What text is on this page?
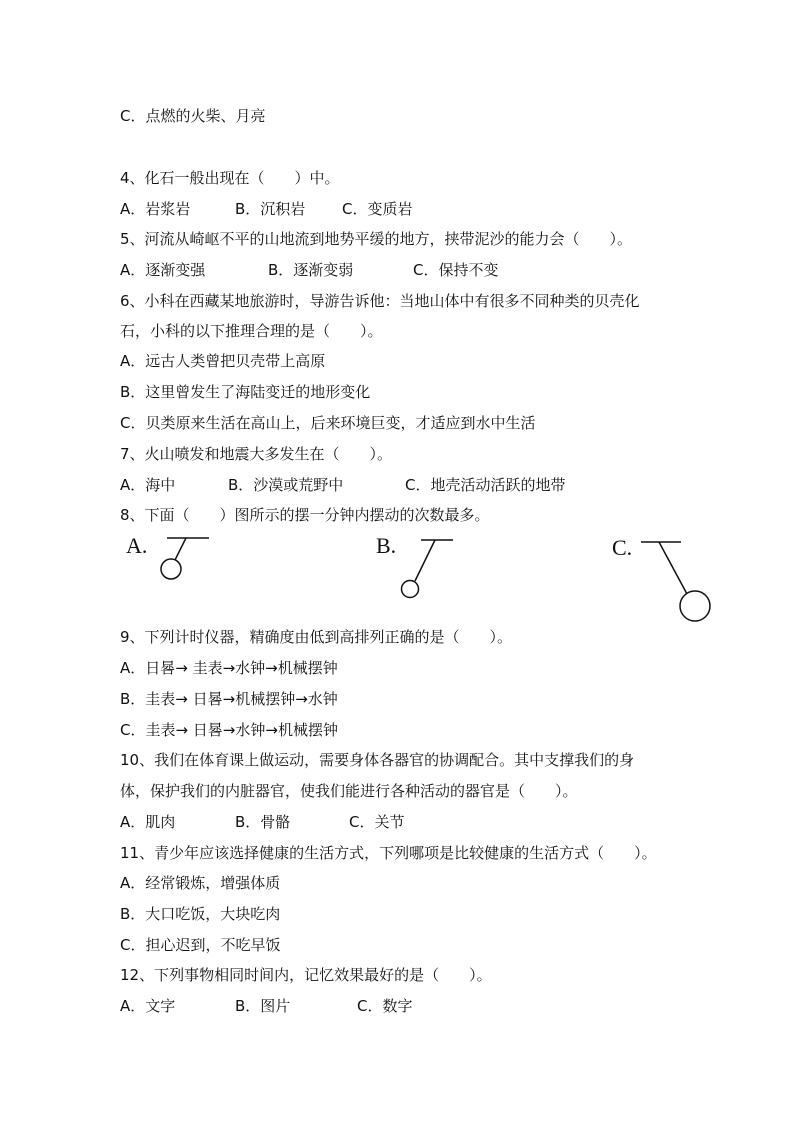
C．点燃的火柴、月亮
4、化石一般出现在（　　）中。
A．岩浆岩	B．沉积岩 C．变质岩
5、河流从崎岖不平的山地流到地势平缓的地方，挟带泥沙的能力会（　　）。
A．逐渐变强	B．逐渐变弱	C．保持不变
6、小科在西藏某地旅游时，导游告诉他：当地山体中有很多不同种类的贝壳化
石，小科的以下推理合理的是（　　）。
A．远古人类曾把贝壳带上高原
B．这里曾发生了海陆变迁的地形变化
C．贝类原来生活在高山上，后来环境巨变，才适应到水中生活
7、火山喷发和地震大多发生在（　　）。
A．海中	B．沙漠或荒野中	C．地壳活动活跃的地带
8、下面（　　）图所示的摆一分钟内摆动的次数最多。
A.	B.	C.
9、下列计时仪器，精确度由低到高排列正确的是（　　）。
A．日晷→ 圭表→水钟→机械摆钟
B．圭表→ 日晷→机械摆钟→水钟
C．圭表→ 日晷→水钟→机械摆钟
10、我们在体育课上做运动，需要身体各器官的协调配合。其中支撑我们的身
体，保护我们的内脏器官，使我们能进行各种活动的器官是（　　）。
A．肌肉	B．骨骼	C．关节
11、青少年应该选择健康的生活方式，下列哪项是比较健康的生活方式（　　）。
A．经常锻炼，增强体质
B．大口吃饭，大块吃肉
C．担心迟到，不吃早饭
12、下列事物相同时间内，记忆效果最好的是（　　）。
A．文字	B．图片	C．数字
